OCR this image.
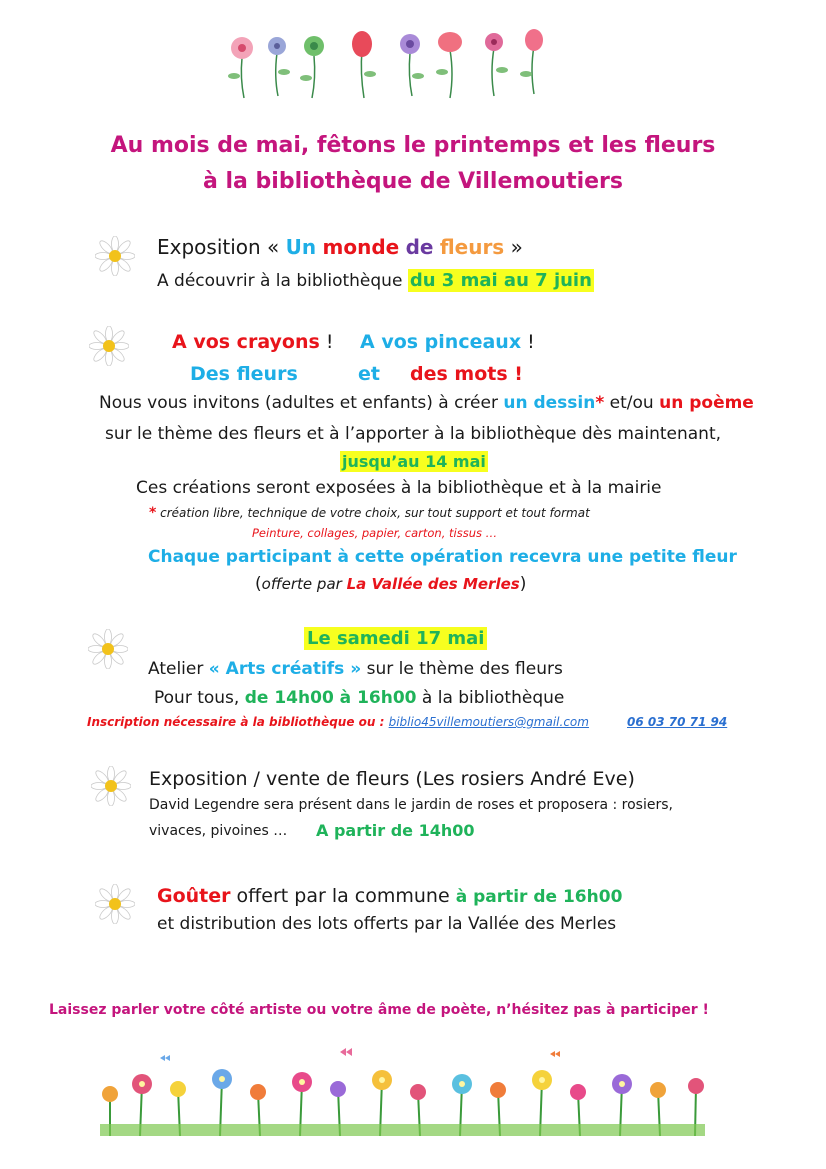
Au mois de mai, fêtons le printemps et les fleurs
à la bibliothèque de Villemoutiers
Exposition « Un monde de fleurs »
A découvrir à la bibliothèque du 3 mai au 7 juin
A vos crayons ! A vos pinceaux !
Des fleurs	et des mots !
Nous vous invitons (adultes et enfants) à créer un dessin* et/ou un poème
sur le thème des fleurs et à l’apporter à la bibliothèque dès maintenant,
jusqu’au 14 mai
Ces créations seront exposées à la bibliothèque et à la mairie
* création libre, technique de votre choix, sur tout support et tout format
Peinture, collages, papier, carton, tissus …
Chaque participant à cette opération recevra une petite fleur
(offerte par La Vallée des Merles)
Le samedi 17 mai
Atelier « Arts créatifs » sur le thème des fleurs
Pour tous, de 14h00 à 16h00 à la bibliothèque
Inscription nécessaire à la bibliothèque ou : biblio45villemoutiers@gmail.com	06 03 70 71 94
Exposition / vente de fleurs (Les rosiers André Eve)
David Legendre sera présent dans le jardin de roses et proposera : rosiers,
vivaces, pivoines … A partir de 14h00
Goûter offert par la commune à partir de 16h00
et distribution des lots offerts par la Vallée des Merles
Laissez parler votre côté artiste ou votre âme de poète, n’hésitez pas à participer !
